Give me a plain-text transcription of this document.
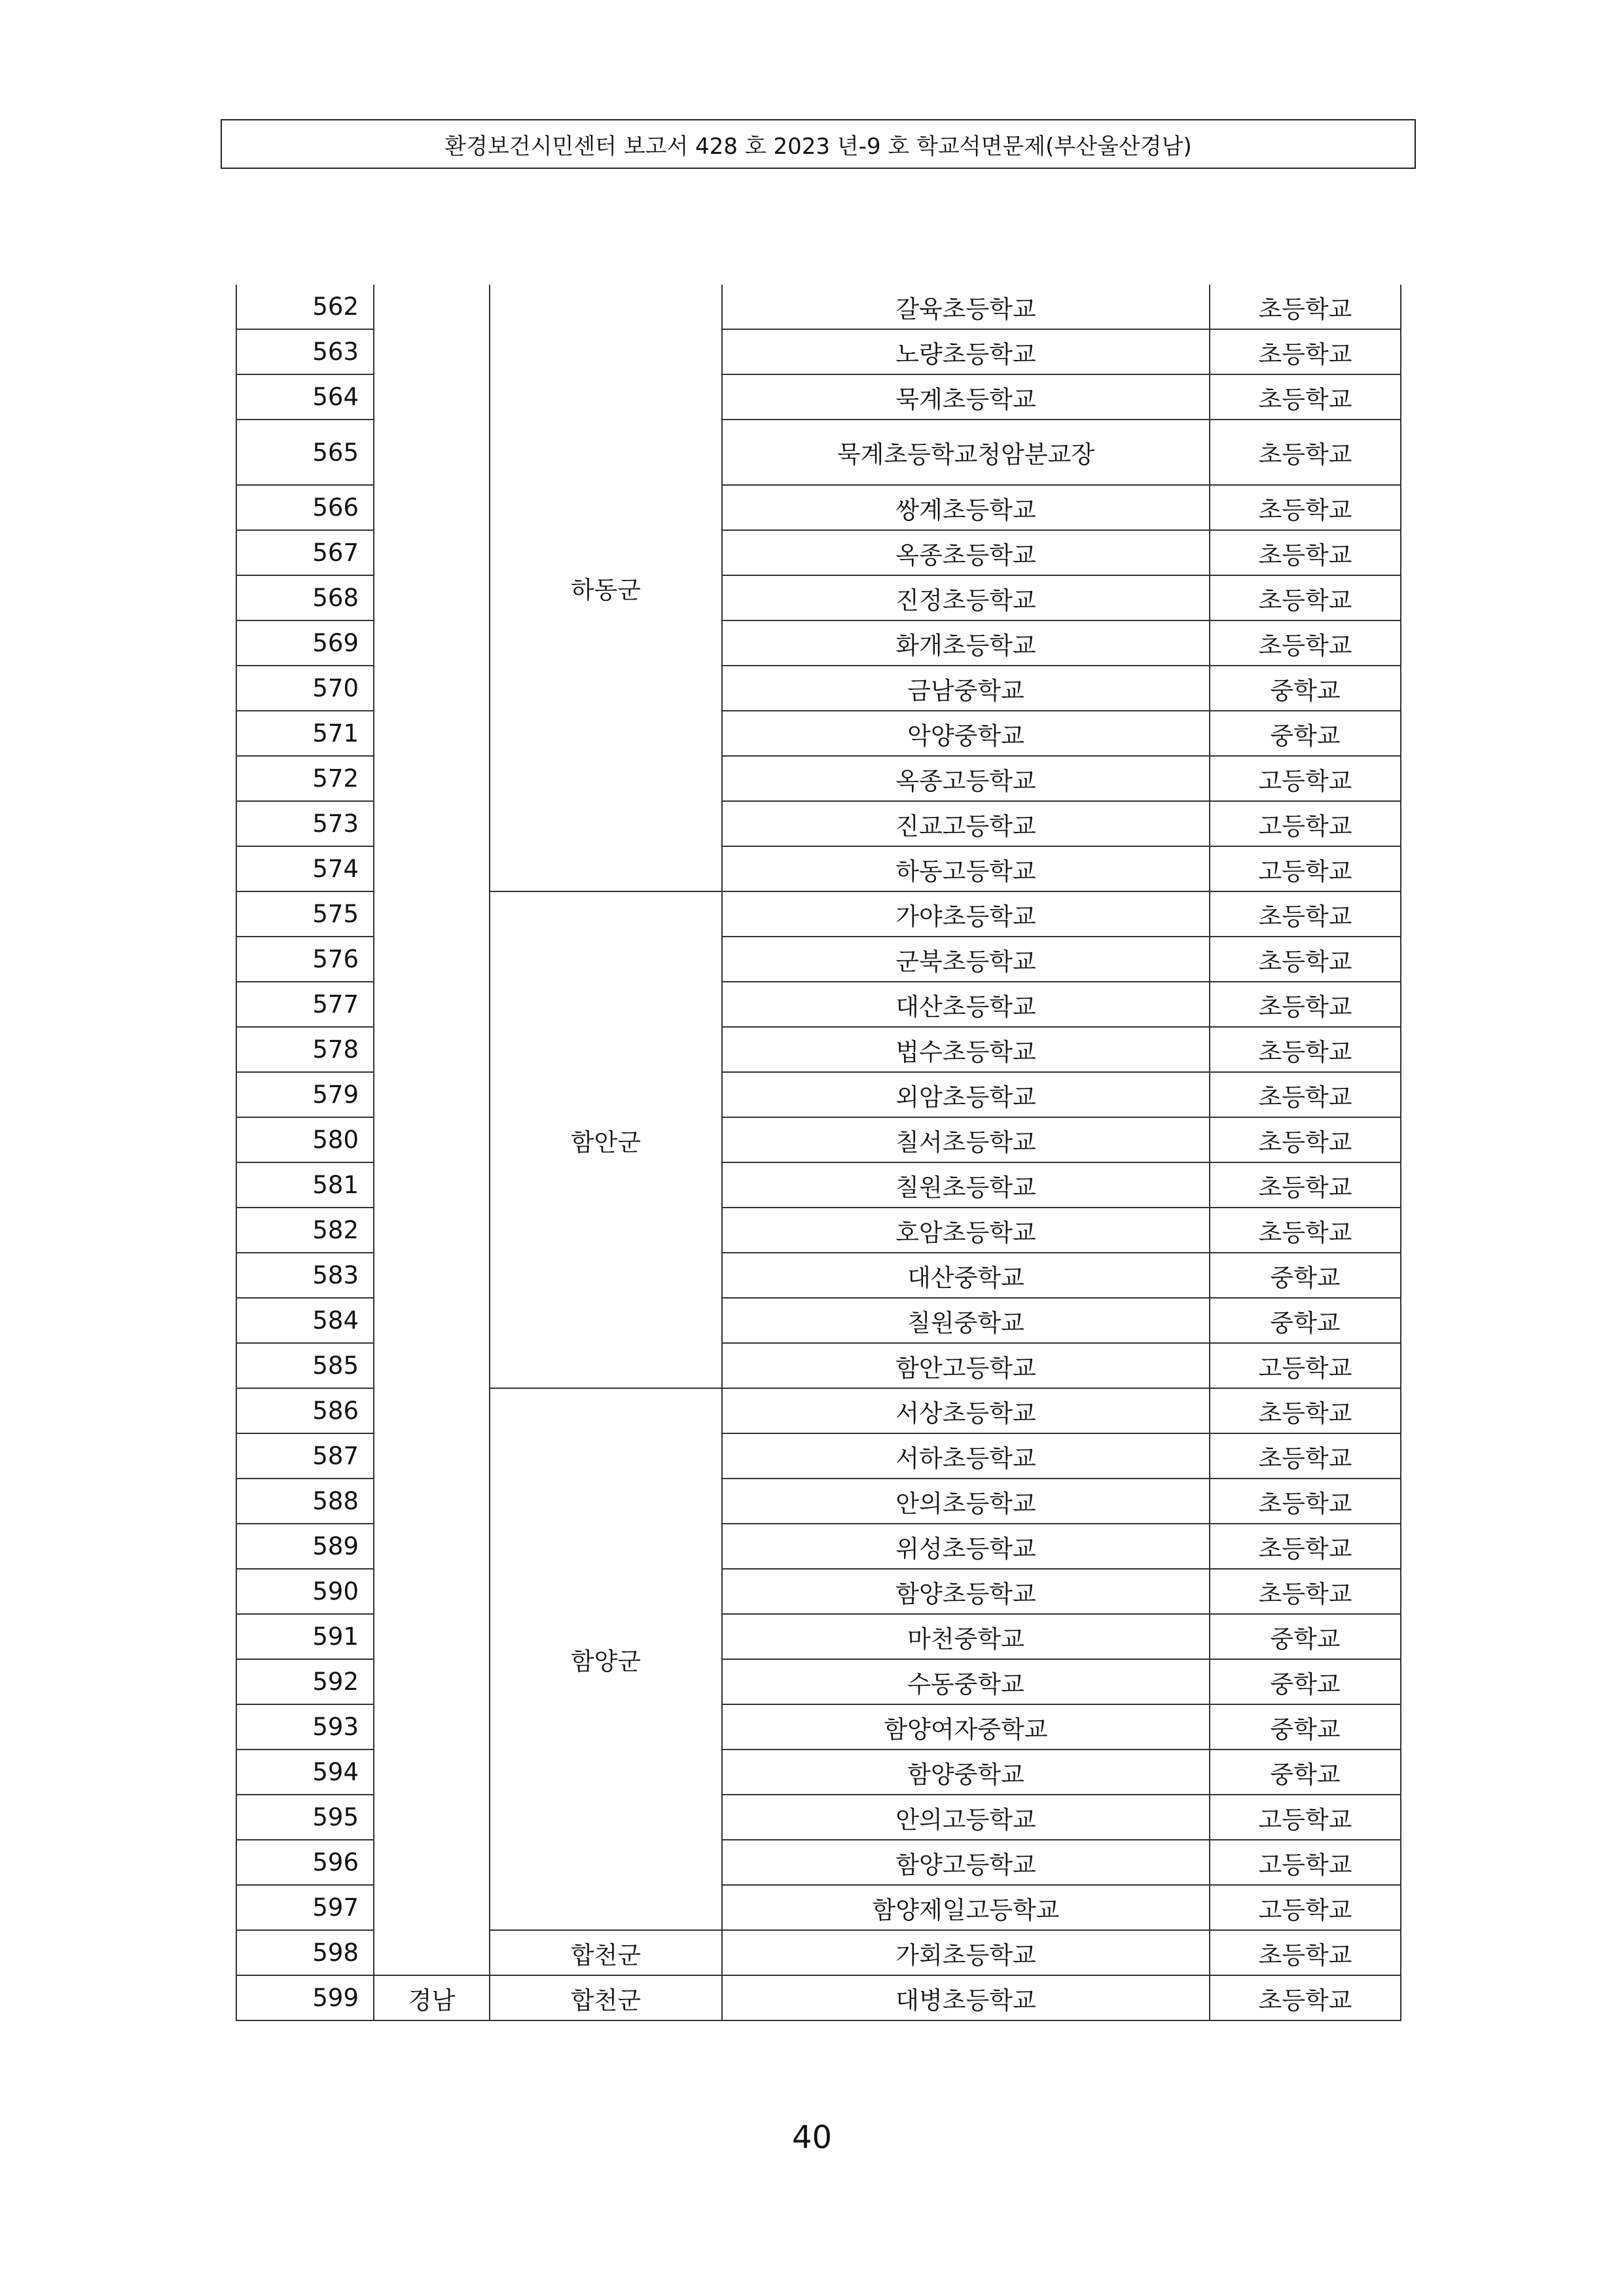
환경보건시민센터 보고서 428 호 2023 년-9 호 학교석면문제(부산울산경남)
562		하동군	갈육초등학교	초등학교
563			노량초등학교	초등학교
564			묵계초등학교	초등학교
565			묵계초등학교청암분교장	초등학교
566			쌍계초등학교	초등학교
567			옥종초등학교	초등학교
568			진정초등학교	초등학교
569			화개초등학교	초등학교
570			금남중학교	중학교
571			악양중학교	중학교
572			옥종고등학교	고등학교
573			진교고등학교	고등학교
574			하동고등학교	고등학교
575		함안군	가야초등학교	초등학교
576			군북초등학교	초등학교
577			대산초등학교	초등학교
578			법수초등학교	초등학교
579			외암초등학교	초등학교
580			칠서초등학교	초등학교
581			칠원초등학교	초등학교
582			호암초등학교	초등학교
583			대산중학교	중학교
584			칠원중학교	중학교
585			함안고등학교	고등학교
586		함양군	서상초등학교	초등학교
587			서하초등학교	초등학교
588			안의초등학교	초등학교
589			위성초등학교	초등학교
590			함양초등학교	초등학교
591			마천중학교	중학교
592			수동중학교	중학교
593			함양여자중학교	중학교
594			함양중학교	중학교
595			안의고등학교	고등학교
596			함양고등학교	고등학교
597			함양제일고등학교	고등학교
598		합천군	가회초등학교	초등학교
599	경남	합천군	대병초등학교	초등학교
40
